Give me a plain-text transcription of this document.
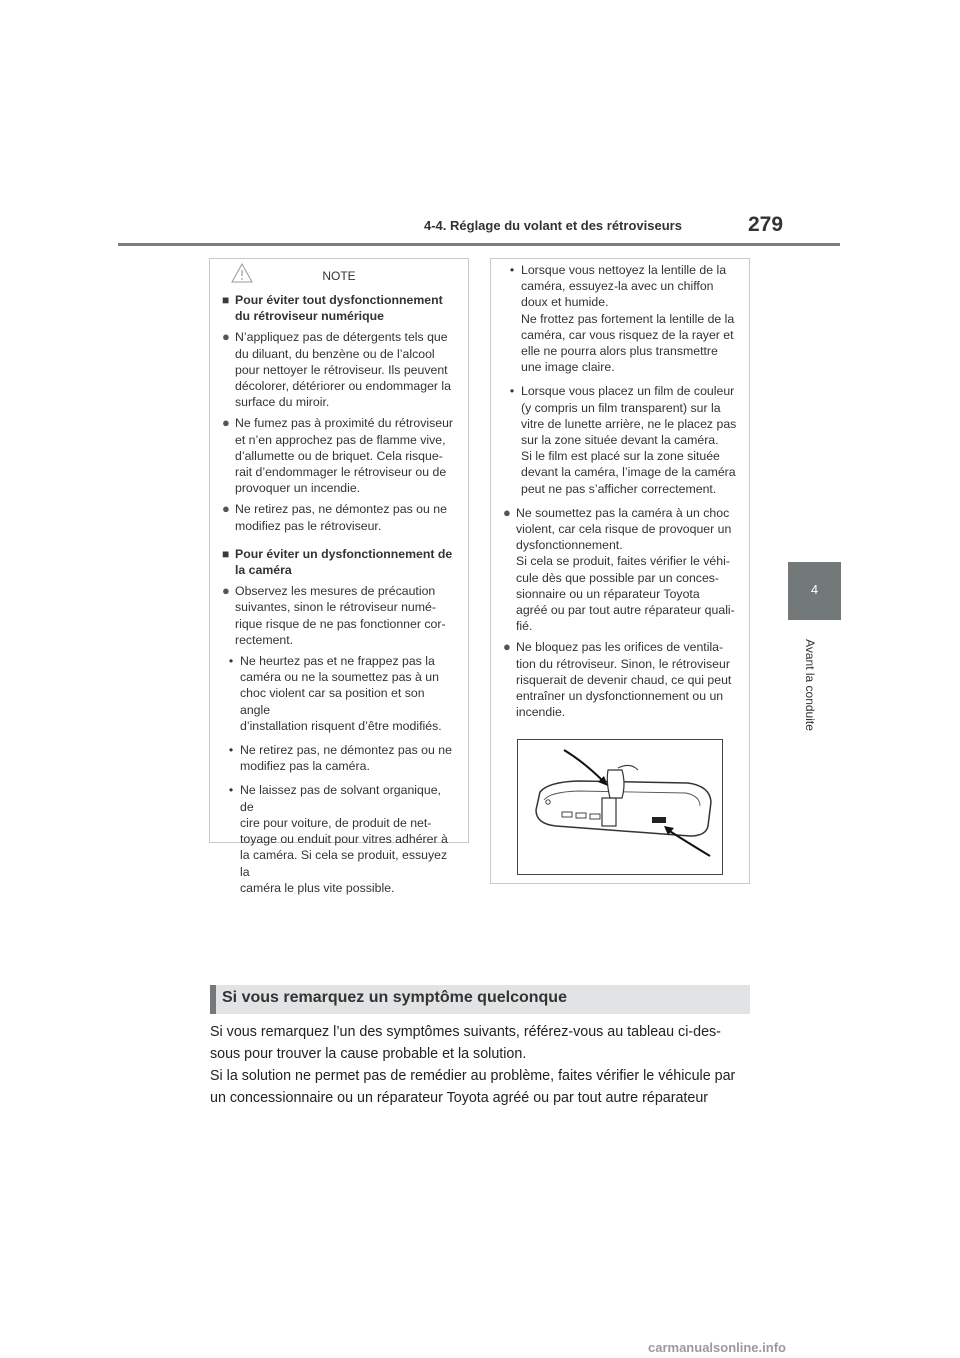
4-4. Réglage du volant et des rétroviseurs	279
4
Avant la conduite
NOTE
■ Pour éviter tout dysfonctionnement
du rétroviseur numérique
● N’appliquez pas de détergents tels que
du diluant, du benzène ou de l’alcool
pour nettoyer le rétroviseur. Ils peuvent
décolorer, détériorer ou endommager la
surface du miroir.
● Ne fumez pas à proximité du rétroviseur
et n’en approchez pas de flamme vive,
d’allumette ou de briquet. Cela risque-
rait d’endommager le rétroviseur ou de
provoquer un incendie.
● Ne retirez pas, ne démontez pas ou ne
modifiez pas le rétroviseur.
■ Pour éviter un dysfonctionnement de
la caméra
● Observez les mesures de précaution
suivantes, sinon le rétroviseur numé-
rique risque de ne pas fonctionner cor-
rectement.
• Ne heurtez pas et ne frappez pas la
caméra ou ne la soumettez pas à un
choc violent car sa position et son angle
d’installation risquent d’être modifiés.
• Ne retirez pas, ne démontez pas ou ne
modifiez pas la caméra.
• Ne laissez pas de solvant organique, de
cire pour voiture, de produit de net-
toyage ou enduit pour vitres adhérer à
la caméra. Si cela se produit, essuyez la
caméra le plus vite possible.
• Lorsque vous nettoyez la lentille de la
caméra, essuyez-la avec un chiffon
doux et humide.
Ne frottez pas fortement la lentille de la
caméra, car vous risquez de la rayer et
elle ne pourra alors plus transmettre
une image claire.
• Lorsque vous placez un film de couleur
(y compris un film transparent) sur la
vitre de lunette arrière, ne le placez pas
sur la zone située devant la caméra.
Si le film est placé sur la zone située
devant la caméra, l’image de la caméra
peut ne pas s’afficher correctement.
● Ne soumettez pas la caméra à un choc
violent, car cela risque de provoquer un
dysfonctionnement.
Si cela se produit, faites vérifier le véhi-
cule dès que possible par un conces-
sionnaire ou un réparateur Toyota
agréé ou par tout autre réparateur quali-
fié.
● Ne bloquez pas les orifices de ventila-
tion du rétroviseur. Sinon, le rétroviseur
risquerait de devenir chaud, ce qui peut
entraîner un dysfonctionnement ou un
incendie.
Si vous remarquez un symptôme quelconque

Si vous remarquez l’un des symptômes suivants, référez-vous au tableau ci-des-
sous pour trouver la cause probable et la solution.

Si la solution ne permet pas de remédier au problème, faites vérifier le véhicule par
un concessionnaire ou un réparateur Toyota agréé ou par tout autre réparateur

carmanualsonline.info
